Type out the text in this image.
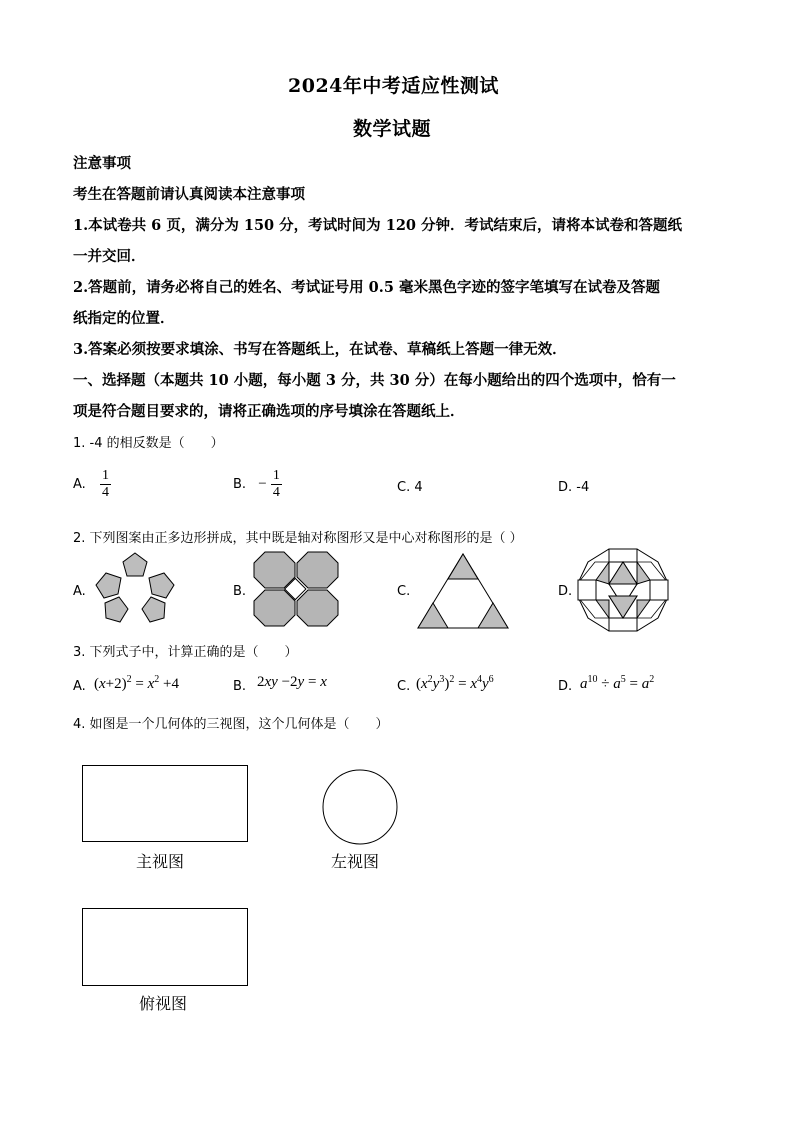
2024年中考适应性测试
数学试题
注意事项
考生在答题前请认真阅读本注意事项
1.本试卷共 6 页，满分为 150 分，考试时间为 120 分钟．考试结束后，请将本试卷和答题纸
一并交回．
2.答题前，请务必将自己的姓名、考试证号用 0.5 毫米黑色字迹的签字笔填写在试卷及答题
纸指定的位置．
3.答案必须按要求填涂、书写在答题纸上，在试卷、草稿纸上答题一律无效．
一、选择题（本题共 10 小题，每小题 3 分，共 30 分）在每小题给出的四个选项中，恰有一
项是符合题目要求的，请将正确选项的序号填涂在答题纸上．
1. -4 的相反数是（　　）
A. $\frac{1}{4}$	B. − $\frac{1}{4}$	C. 4	D. -4
2. 下列图案由正多边形拼成，其中既是轴对称图形又是中心对称图形的是（ ）
A.	B.	C.	D.
3. 下列式子中，计算正确的是（　　）
A. $(x+2)^2 = x^2 +4$	B. 2xy −2y = x	C. $(x^2y^3)^2 = x^4y^6$	D. $a^{10} \div a^5 = a^2$
4. 如图是一个几何体的三视图，这个几何体是（　　）
主视图	左视图
俯视图
